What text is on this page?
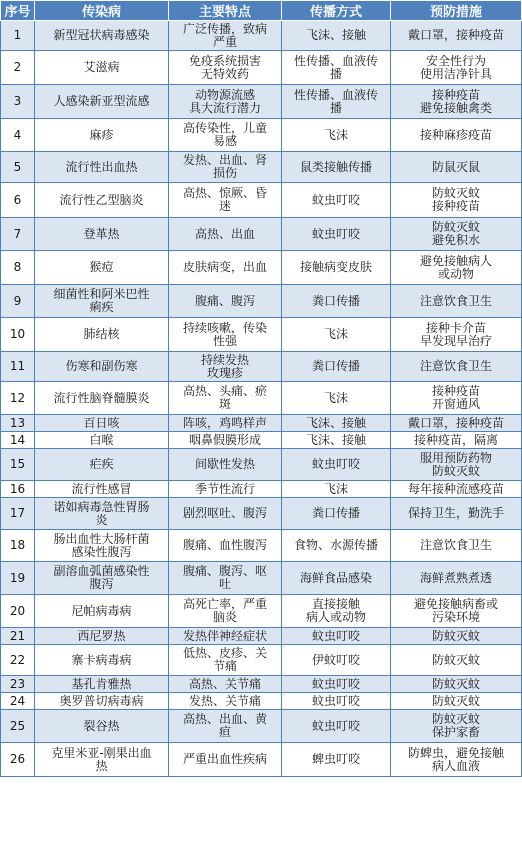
序号	传染病	主要特点	传播方式	预防措施

1	新型冠状病毒感染	广泛传播，致病
严重	飞沫、接触	戴口罩，接种疫苗

2	艾滋病	免疫系统损害
无特效药	性传播、血液传
播	安全性行为
使用洁净针具

3	人感染新亚型流感	动物源流感
具大流行潜力	性传播、血液传
播	接种疫苗
避免接触禽类

4	麻疹	高传染性，儿童
易感	飞沫	接种麻疹疫苗

5	流行性出血热	发热、出血、肾
损伤	鼠类接触传播	防鼠灭鼠

6	流行性乙型脑炎	高热、惊厥、昏
迷	蚊虫叮咬	防蚊灭蚊
接种疫苗

7	登革热	高热、出血	蚊虫叮咬	防蚊灭蚊
避免积水

8	猴痘	皮肤病变，出血	接触病变皮肤	避免接触病人
或动物

9	细菌性和阿米巴性
痢疾	腹痛、腹泻	粪口传播	注意饮食卫生

10	肺结核	持续咳嗽，传染
性强	飞沫	接种卡介苗
早发现早治疗

11	伤寒和副伤寒	持续发热
玫瑰疹	粪口传播	注意饮食卫生

12	流行性脑脊髓膜炎	高热、头痛、瘀
斑	飞沫	接种疫苗
开窗通风

13	百日咳	阵咳，鸡鸣样声	飞沫、接触	戴口罩，接种疫苗

14	白喉	咽鼻假膜形成	飞沫、接触	接种疫苗，隔离

15	疟疾	间歇性发热	蚊虫叮咬	服用预防药物
防蚊灭蚊

16	流行性感冒	季节性流行	飞沫	每年接种流感疫苗

17	诺如病毒急性胃肠
炎	剧烈呕吐、腹泻	粪口传播	保持卫生，勤洗手

18	肠出血性大肠杆菌
感染性腹泻	腹痛、血性腹泻	食物、水源传播	注意饮食卫生

19	副溶血弧菌感染性
腹泻	腹痛、腹泻、呕
吐	海鲜食品感染	海鲜煮熟煮透

20	尼帕病毒病	高死亡率，严重
脑炎	直接接触
病人或动物	避免接触病畜或
污染环境

21	西尼罗热	发热伴神经症状	蚊虫叮咬	防蚊灭蚊

22	寨卡病毒病	低热、皮疹、关
节痛	伊蚊叮咬	防蚊灭蚊

23	基孔肯雅热	高热、关节痛	蚊虫叮咬	防蚊灭蚊

24	奥罗普切病毒病	发热、关节痛	蚊虫叮咬	防蚊灭蚊

25	裂谷热	高热、出血、黄
疸	蚊虫叮咬	防蚊灭蚊
保护家畜

26	克里米亚-刚果出血
热	严重出血性疾病	蜱虫叮咬	防蜱虫，避免接触
病人血液
